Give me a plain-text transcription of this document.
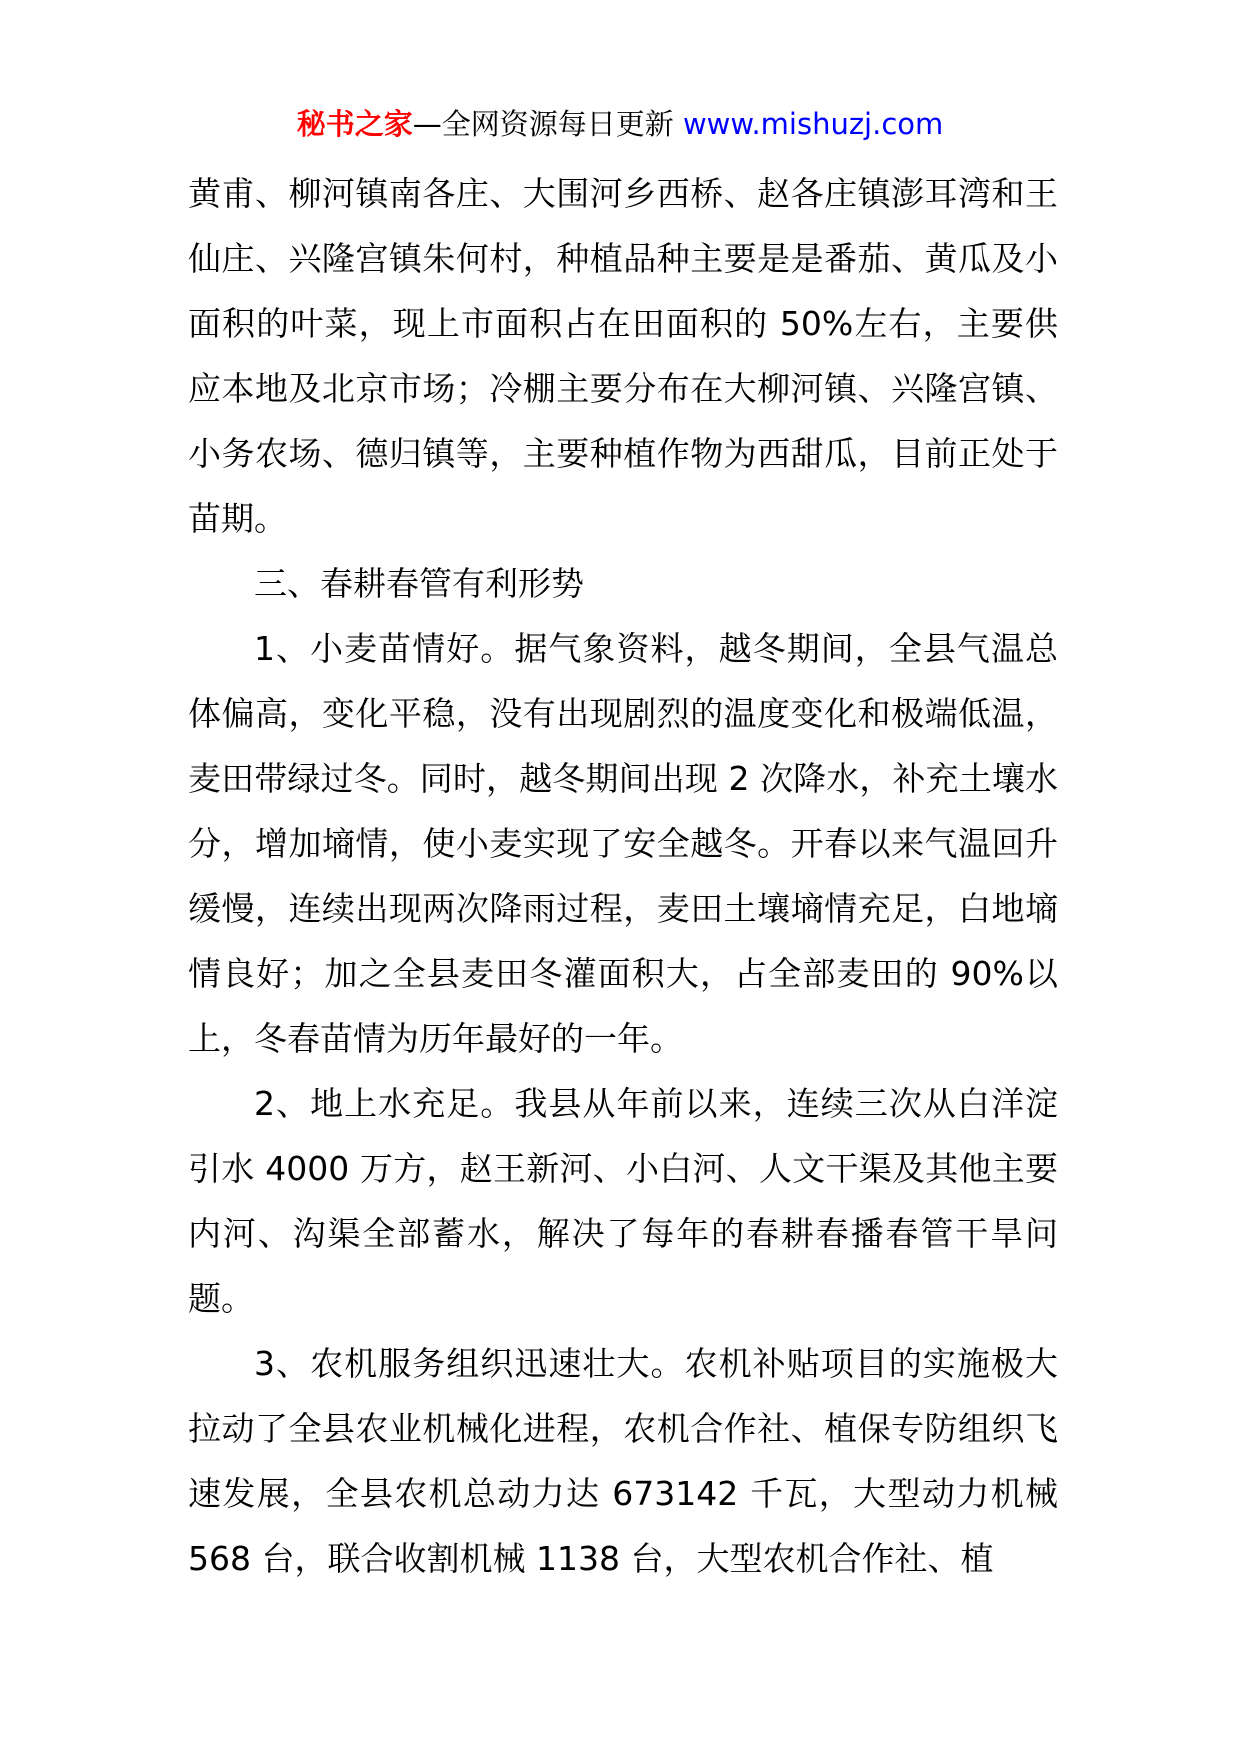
秘书之家—全网资源每日更新 www.mishuzj.com

黄甫、柳河镇南各庄、大围河乡西桥、赵各庄镇澎耳湾和王仙庄、兴隆宫镇朱何村，种植品种主要是是番茄、黄瓜及小面积的叶菜，现上市面积占在田面积的 50%左右，主要供应本地及北京市场；冷棚主要分布在大柳河镇、兴隆宫镇、小务农场、德归镇等，主要种植作物为西甜瓜，目前正处于苗期。

三、春耕春管有利形势

1、小麦苗情好。据气象资料，越冬期间，全县气温总体偏高，变化平稳，没有出现剧烈的温度变化和极端低温，麦田带绿过冬。同时，越冬期间出现 2 次降水，补充土壤水分，增加墒情，使小麦实现了安全越冬。开春以来气温回升缓慢，连续出现两次降雨过程，麦田土壤墒情充足，白地墒情良好；加之全县麦田冬灌面积大，占全部麦田的 90%以上，冬春苗情为历年最好的一年。

2、地上水充足。我县从年前以来，连续三次从白洋淀引水 4000 万方，赵王新河、小白河、人文干渠及其他主要内河、沟渠全部蓄水，解决了每年的春耕春播春管干旱问题。

3、农机服务组织迅速壮大。农机补贴项目的实施极大拉动了全县农业机械化进程，农机合作社、植保专防组织飞速发展，全县农机总动力达 673142 千瓦，大型动力机械 568 台，联合收割机械 1138 台，大型农机合作社、植
